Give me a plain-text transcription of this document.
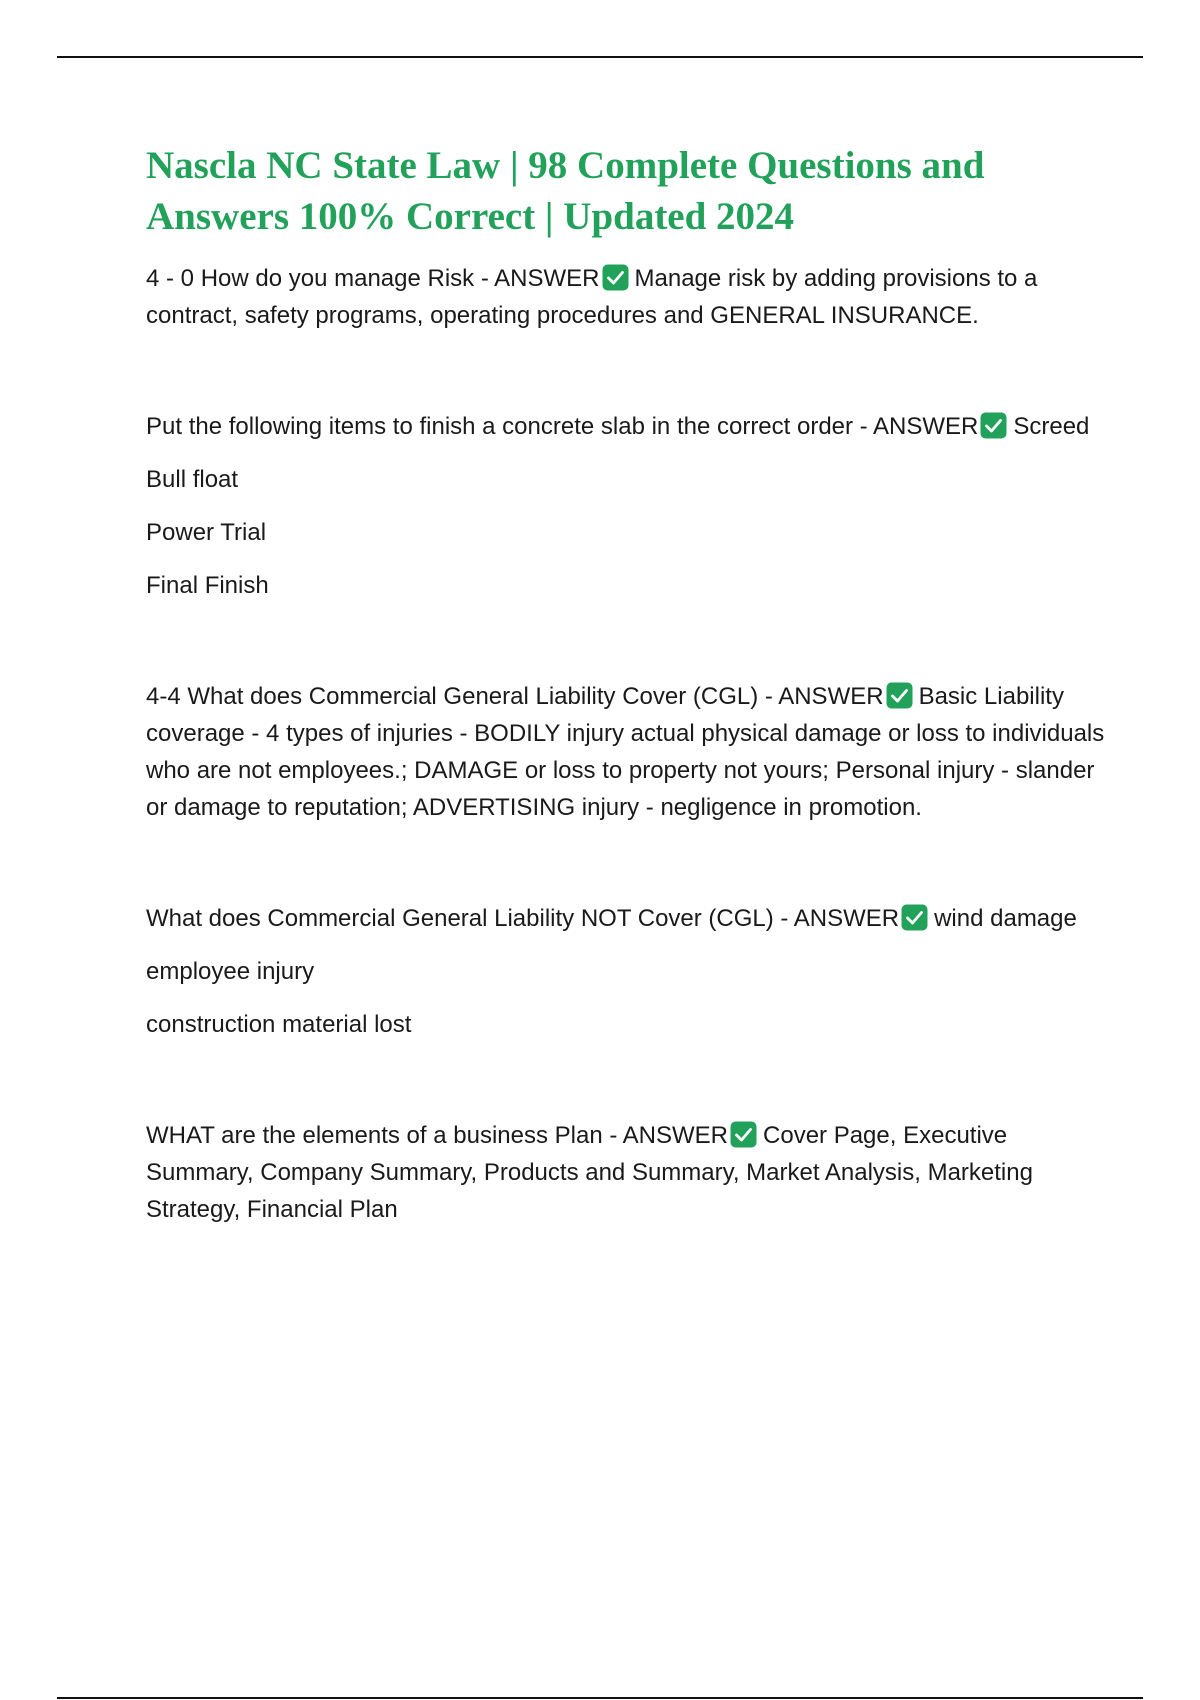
Nascla NC State Law | 98 Complete Questions and Answers 100% Correct | Updated 2024

4 - 0 How do you manage Risk - ANSWER Manage risk by adding provisions to a contract, safety programs, operating procedures and GENERAL INSURANCE.

Put the following items to finish a concrete slab in the correct order - ANSWER Screed

Bull float

Power Trial

Final Finish

4-4 What does Commercial General Liability Cover (CGL) - ANSWER Basic Liability coverage - 4 types of injuries - BODILY injury actual physical damage or loss to individuals who are not employees.; DAMAGE or loss to property not yours; Personal injury - slander or damage to reputation; ADVERTISING injury - negligence in promotion.

What does Commercial General Liability NOT Cover (CGL) - ANSWER wind damage

employee injury

construction material lost

WHAT are the elements of a business Plan - ANSWER Cover Page, Executive Summary, Company Summary, Products and Summary, Market Analysis, Marketing Strategy, Financial Plan
